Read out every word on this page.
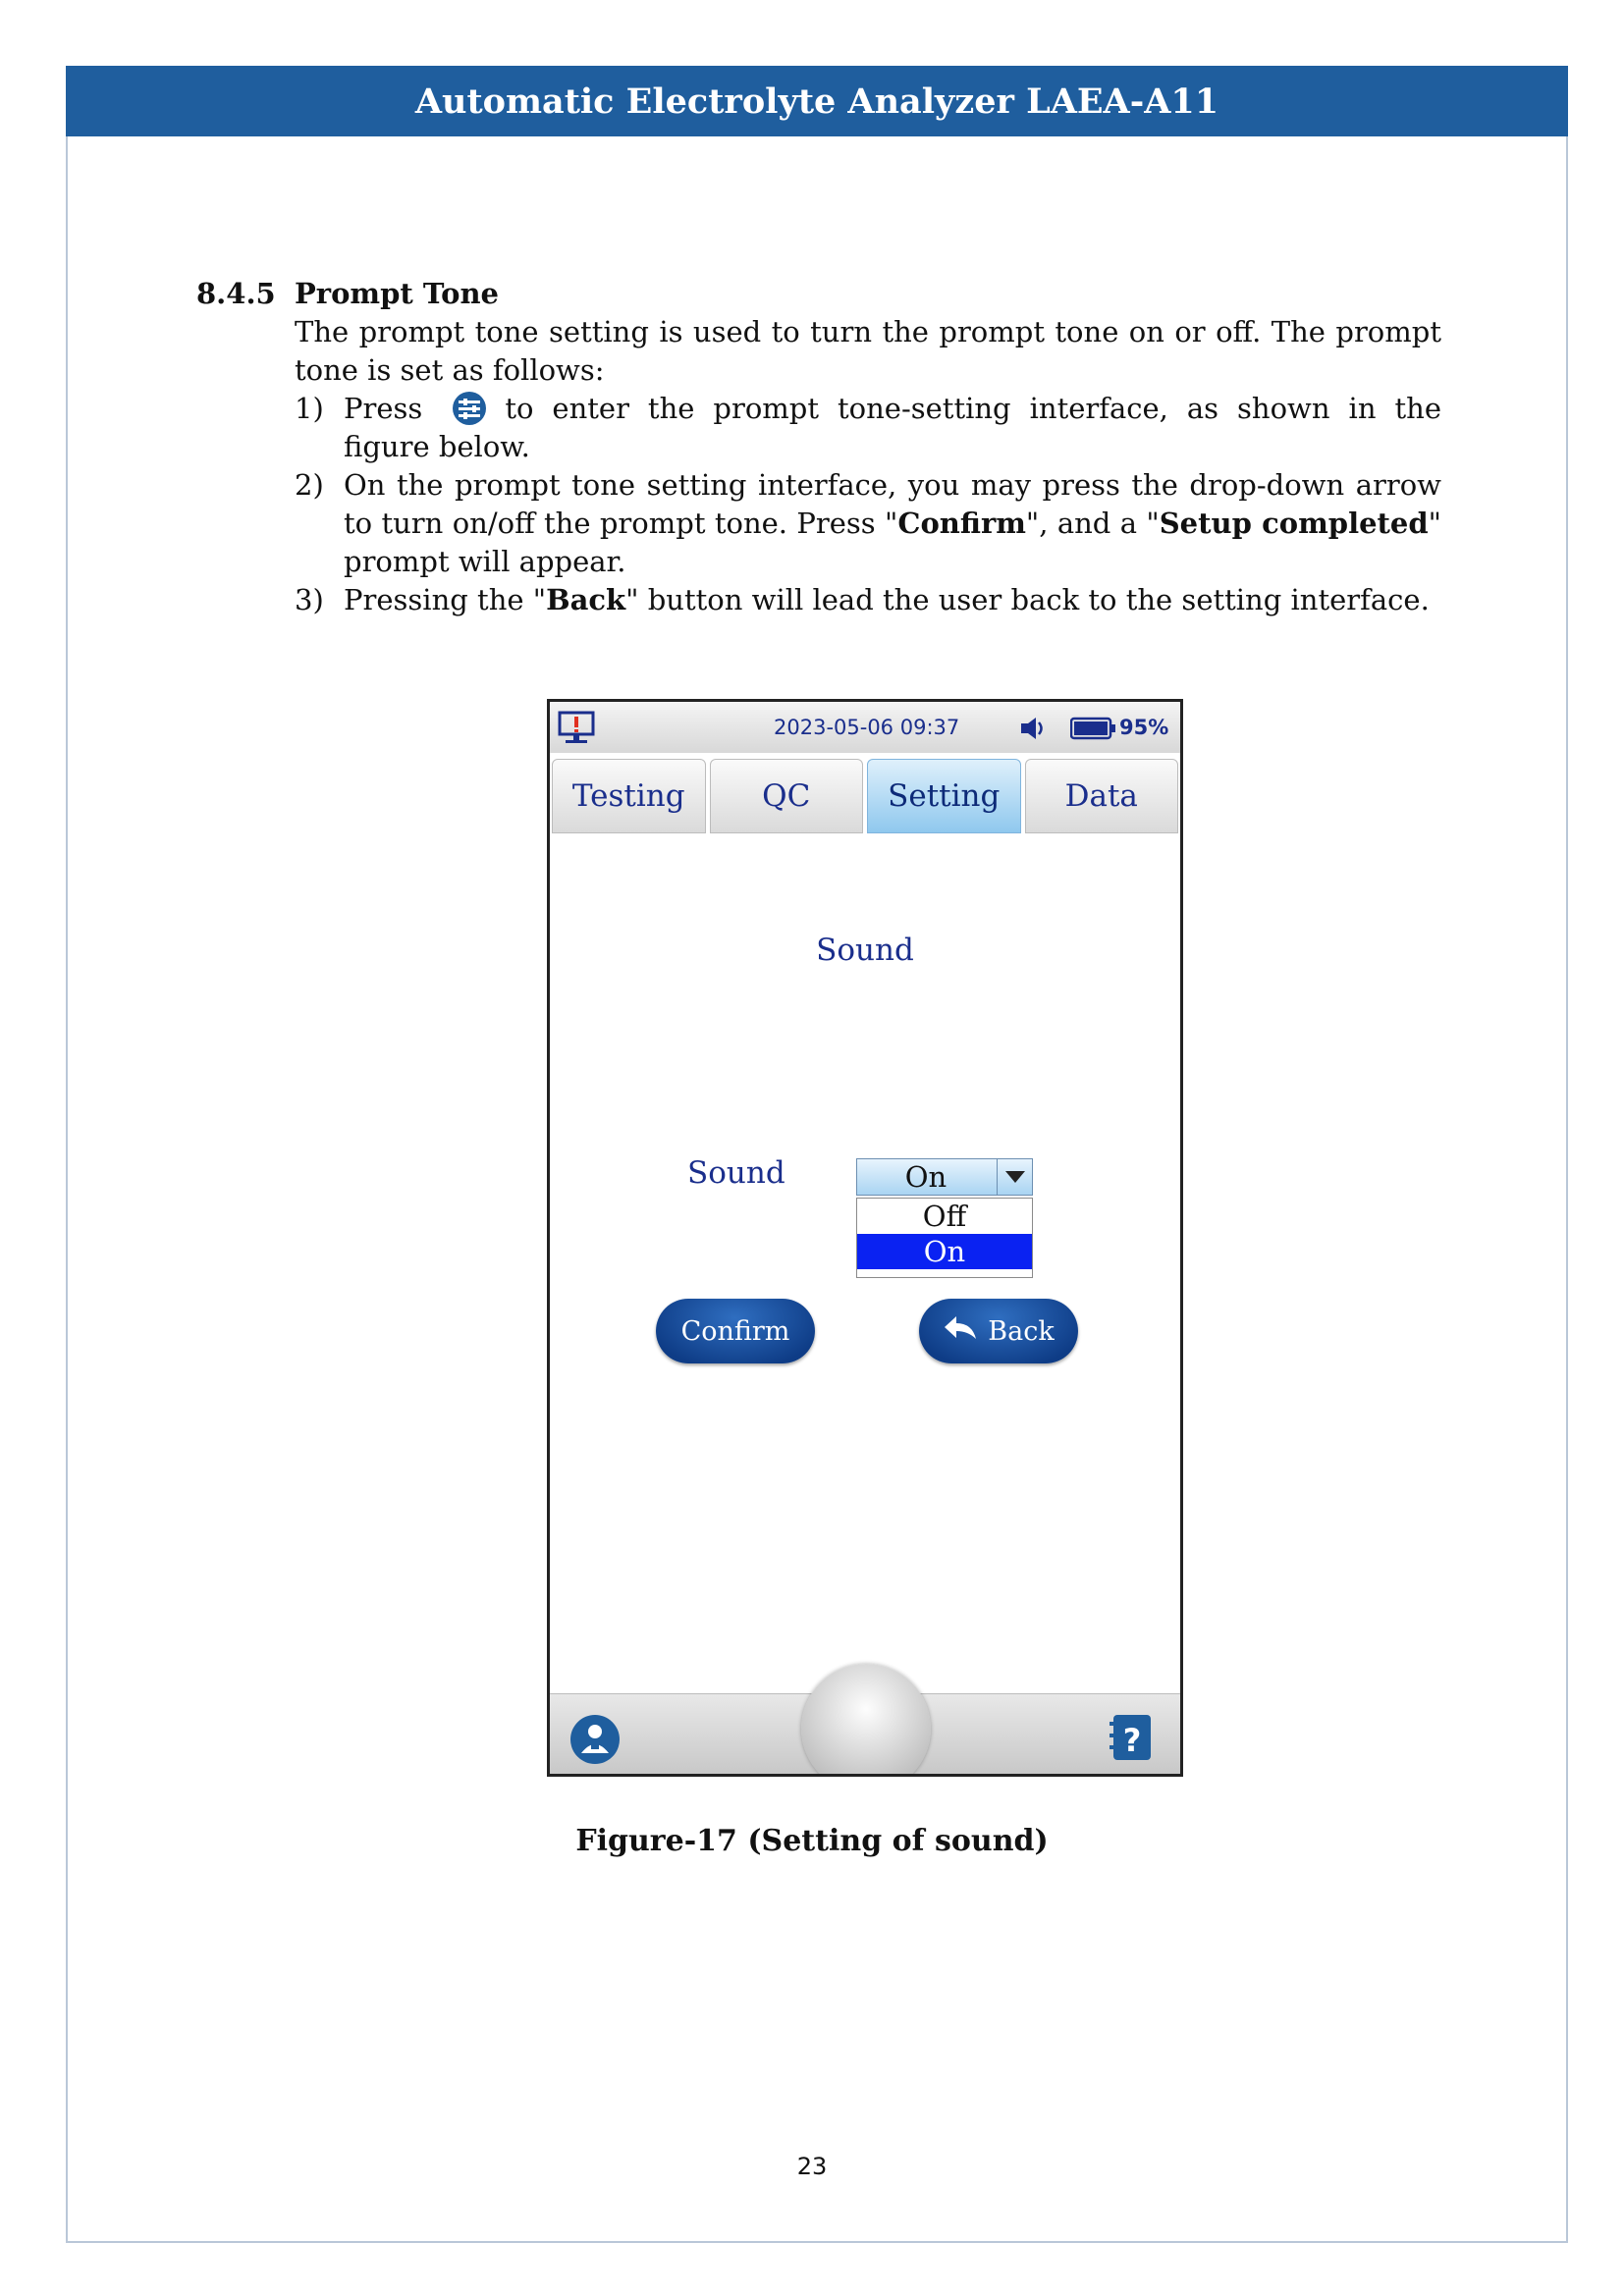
Automatic Electrolyte Analyzer LAEA-A11
8.4.5 Prompt Tone
The prompt tone setting is used to turn the prompt tone on or off. The prompt tone is set as follows:
1) Press	to enter the prompt tone-setting interface, as shown in the figure below.
2) On the prompt tone setting interface, you may press the drop-down arrow to turn on/off the prompt tone. Press "Confirm", and a "Setup completed" prompt will appear.
3) Pressing the "Back" button will lead the user back to the setting interface.
2023-05-06 09:37	95%
Testing	QC	Setting	Data
Sound
Sound	On
Off
On
Confirm	Back
?
Figure-17 (Setting of sound)
23
